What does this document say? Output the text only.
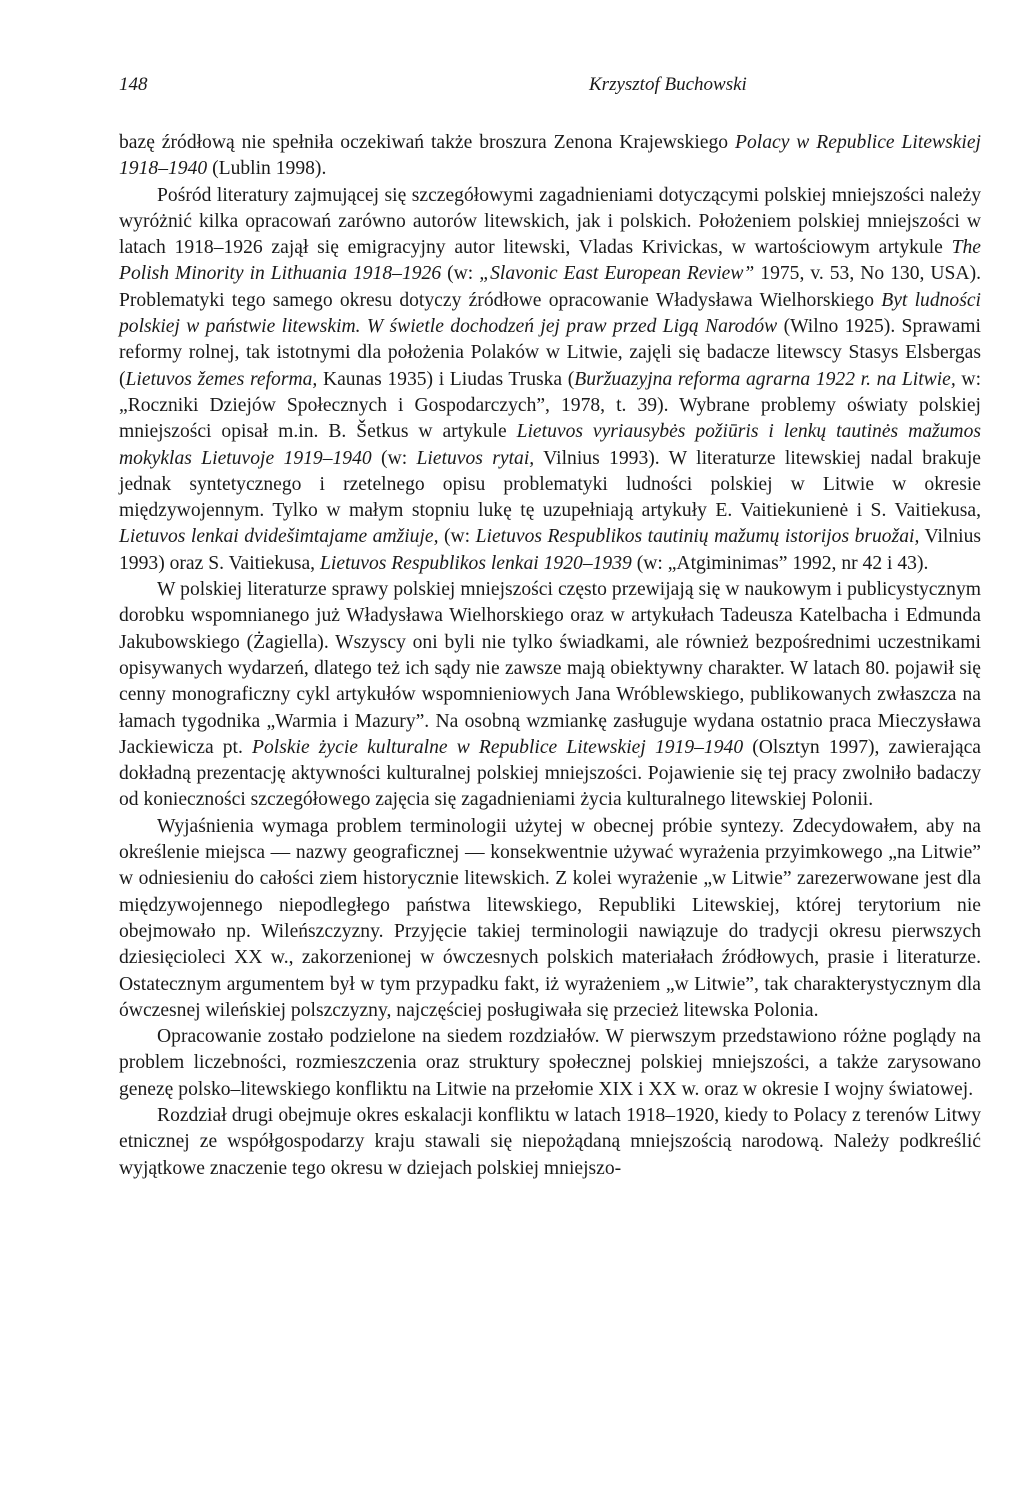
148	Krzysztof Buchowski

bazę źródłową nie spełniła oczekiwań także broszura Zenona Krajewskiego Polacy w Republice Litewskiej 1918–1940 (Lublin 1998).

Pośród literatury zajmującej się szczegółowymi zagadnieniami dotyczącymi polskiej mniejszości należy wyróżnić kilka opracowań zarówno autorów litewskich, jak i polskich. Położeniem polskiej mniejszości w latach 1918–1926 zajął się emigracyjny autor litewski, Vladas Krivickas, w wartościowym artykule The Polish Minority in Lithuania 1918–1926 (w: „Slavonic East European Review” 1975, v. 53, No 130, USA). Problematyki tego samego okresu dotyczy źródłowe opracowanie Władysława Wielhorskiego Byt ludności polskiej w państwie litewskim. W świetle dochodzeń jej praw przed Ligą Narodów (Wilno 1925). Sprawami reformy rolnej, tak istotnymi dla położenia Polaków w Litwie, zajęli się badacze litewscy Stasys Elsbergas (Lietuvos žemes reforma, Kaunas 1935) i Liudas Truska (Buržuazyjna reforma agrarna 1922 r. na Litwie, w: „Roczniki Dziejów Społecznych i Gospodarczych”, 1978, t. 39). Wybrane problemy oświaty polskiej mniejszości opisał m.in. B. Šetkus w artykule Lietuvos vyriausybės požiūris i lenkų tautinės mažumos mokyklas Lietuvoje 1919–1940 (w: Lietuvos rytai, Vilnius 1993). W literaturze litewskiej nadal brakuje jednak syntetycznego i rzetelnego opisu problematyki ludności polskiej w Litwie w okresie międzywojennym. Tylko w małym stopniu lukę tę uzupełniają artykuły E. Vaitiekunienė i S. Vaitiekusa, Lietuvos lenkai dvidešimtajame amžiuje, (w: Lietuvos Respublikos tautinių mažumų istorijos bruožai, Vilnius 1993) oraz S. Vaitiekusa, Lietuvos Respublikos lenkai 1920–1939 (w: „Atgiminimas” 1992, nr 42 i 43).

W polskiej literaturze sprawy polskiej mniejszości często przewijają się w naukowym i publicystycznym dorobku wspomnianego już Władysława Wielhorskiego oraz w artykułach Tadeusza Katelbacha i Edmunda Jakubowskiego (Żagiella). Wszyscy oni byli nie tylko świadkami, ale również bezpośrednimi uczestnikami opisywanych wydarzeń, dlatego też ich sądy nie zawsze mają obiektywny charakter. W latach 80. pojawił się cenny monograficzny cykl artykułów wspomnieniowych Jana Wróblewskiego, publikowanych zwłaszcza na łamach tygodnika „Warmia i Mazury”. Na osobną wzmiankę zasługuje wydana ostatnio praca Mieczysława Jackiewicza pt. Polskie życie kulturalne w Republice Litewskiej 1919–1940 (Olsztyn 1997), zawierająca dokładną prezentację aktywności kulturalnej polskiej mniejszości. Pojawienie się tej pracy zwolniło badaczy od konieczności szczegółowego zajęcia się zagadnieniami życia kulturalnego litewskiej Polonii.

Wyjaśnienia wymaga problem terminologii użytej w obecnej próbie syntezy. Zdecydowałem, aby na określenie miejsca — nazwy geograficznej — konsekwentnie używać wyrażenia przyimkowego „na Litwie” w odniesieniu do całości ziem historycznie litewskich. Z kolei wyrażenie „w Litwie” zarezerwowane jest dla międzywojennego niepodległego państwa litewskiego, Republiki Litewskiej, której terytorium nie obejmowało np. Wileńszczyzny. Przyjęcie takiej terminologii nawiązuje do tradycji okresu pierwszych dziesięcioleci XX w., zakorzenionej w ówczesnych polskich materiałach źródłowych, prasie i literaturze. Ostatecznym argumentem był w tym przypadku fakt, iż wyrażeniem „w Litwie”, tak charakterystycznym dla ówczesnej wileńskiej polszczyzny, najczęściej posługiwała się przecież litewska Polonia.

Opracowanie zostało podzielone na siedem rozdziałów. W pierwszym przedstawiono różne poglądy na problem liczebności, rozmieszczenia oraz struktury społecznej polskiej mniejszości, a także zarysowano genezę polsko–litewskiego konfliktu na Litwie na przełomie XIX i XX w. oraz w okresie I wojny światowej.

Rozdział drugi obejmuje okres eskalacji konfliktu w latach 1918–1920, kiedy to Polacy z terenów Litwy etnicznej ze współgospodarzy kraju stawali się niepożądaną mniejszością narodową. Należy podkreślić wyjątkowe znaczenie tego okresu w dziejach polskiej mniejszo-
